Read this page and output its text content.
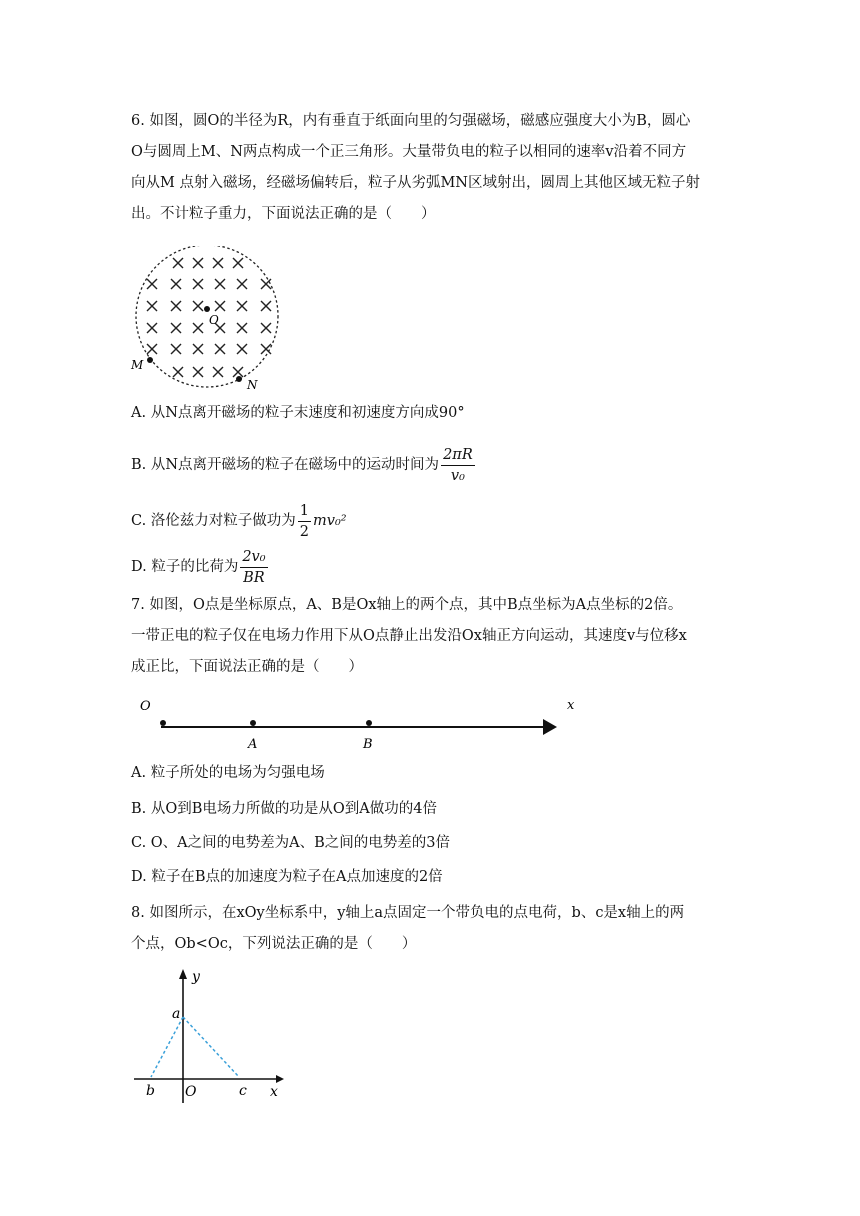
6. 如图，圆O的半径为R，内有垂直于纸面向里的匀强磁场，磁感应强度大小为B，圆心
O与圆周上M、N两点构成一个正三角形。大量带负电的粒子以相同的速率v沿着不同方
向从M 点射入磁场，经磁场偏转后，粒子从劣弧MN区域射出，圆周上其他区域无粒子射
出。不计粒子重力，下面说法正确的是（　　）
O
M
N

A. 从N点离开磁场的粒子末速度和初速度方向成90°

B. 从N点离开磁场的粒子在磁场中的运动时间为 $\frac{2\pi R}{\text{v₀}}$

C. 洛伦兹力对粒子做功为 $\frac{1}{2} mv_0^2$

D. 粒子的比荷为 $\frac{\text{2v₀}}{BR}$

7. 如图，O点是坐标原点，A、B是Ox轴上的两个点，其中B点坐标为A点坐标的2倍。
一带正电的粒子仅在电场力作用下从O点静止出发沿Ox轴正方向运动，其速度v与位移x
成正比，下面说法正确的是（　　）
O	x
A	B

A. 粒子所处的电场为匀强电场

B. 从O到B电场力所做的功是从O到A做功的4倍

C. O、A之间的电势差为A、B之间的电势差的3倍

D. 粒子在B点的加速度为粒子在A点加速度的2倍

8. 如图所示，在xOy坐标系中，y轴上a点固定一个带负电的点电荷，b、c是x轴上的两
个点，Ob<Oc，下列说法正确的是（　　）
y
a
b O	c x
